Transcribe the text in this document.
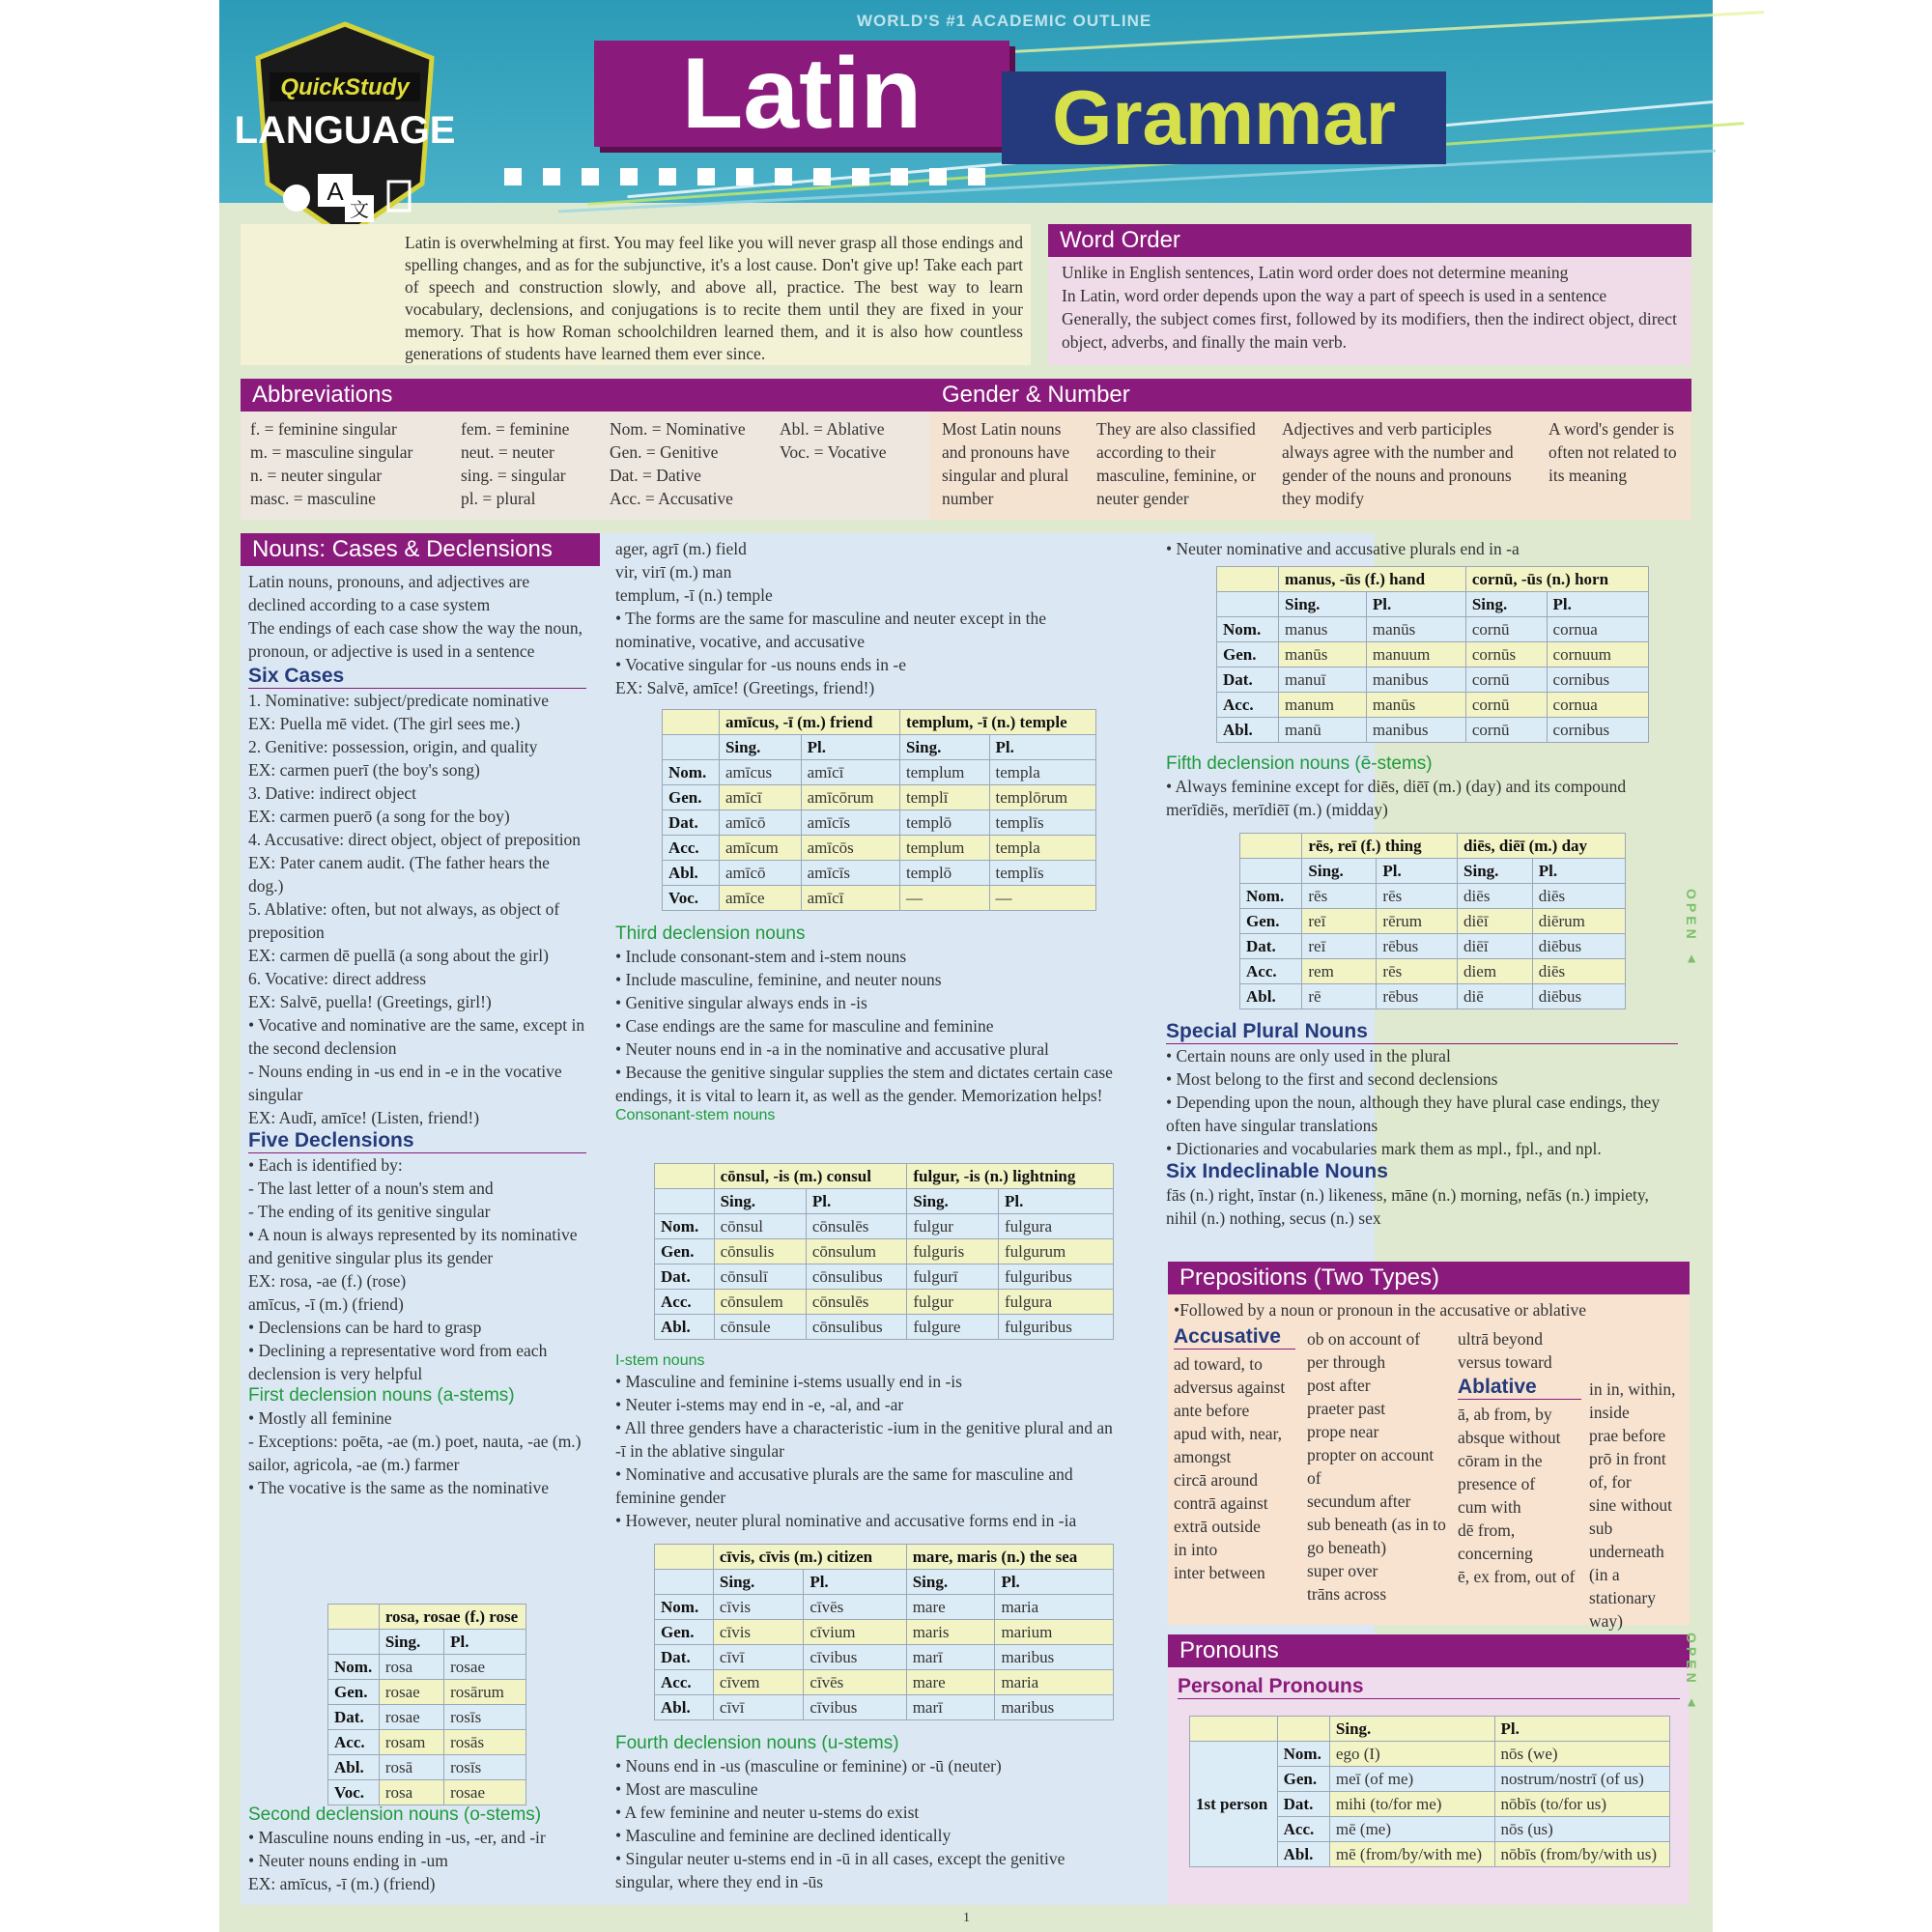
WORLD'S #1 ACADEMIC OUTLINE
Latin	Grammar
QuickStudy
LANGUAGE
A
文
Latin is overwhelming at first. You may feel like you will never grasp all those endings and spelling changes, and as for the subjunctive, it's a lost cause. Don't give up! Take each part of speech and construction slowly, and above all, practice. The best way to learn vocabulary, declensions, and conjugations is to recite them until they are fixed in your memory. That is how Roman schoolchildren learned them, and it is also how countless generations of students have learned them ever since.
Word Order
Unlike in English sentences, Latin word order does not determine meaning
In Latin, word order depends upon the way a part of speech is used in a sentence
Generally, the subject comes first, followed by its modifiers, then the indirect object, direct object, adverbs, and finally the main verb.
Abbreviations
f. = feminine singular
m. = masculine singular
n. = neuter singular
masc. = masculine
fem. = feminine
neut. = neuter
sing. = singular
pl. = plural
Nom. = Nominative
Gen. = Genitive
Dat. = Dative
Acc. = Accusative
Abl. = Ablative
Voc. = Vocative
Gender & Number
Most Latin nouns and pronouns have singular and plural number
They are also classified according to their masculine, feminine, or neuter gender
Adjectives and verb participles always agree with the number and gender of the nouns and pronouns they modify
A word's gender is often not related to its meaning
Nouns: Cases & Declensions
Latin nouns, pronouns, and adjectives are declined according to a case system
The endings of each case show the way the noun, pronoun, or adjective is used in a sentence
Six Cases
1. Nominative: subject/predicate nominative
EX: Puella mē videt. (The girl sees me.)
2. Genitive: possession, origin, and quality
EX: carmen puerī (the boy's song)
3. Dative: indirect object
EX: carmen puerō (a song for the boy)
4. Accusative: direct object, object of preposition
EX: Pater canem audit. (The father hears the dog.)
5. Ablative: often, but not always, as object of preposition
EX: carmen dē puellā (a song about the girl)
6. Vocative: direct address
EX: Salvē, puella! (Greetings, girl!)
• Vocative and nominative are the same, except in the second declension
- Nouns ending in -us end in -e in the vocative singular
EX: Audī, amīce! (Listen, friend!)
Five Declensions
• Each is identified by:
- The last letter of a noun's stem and
- The ending of its genitive singular
• A noun is always represented by its nominative and genitive singular plus its gender
EX: rosa, -ae (f.) (rose)
amīcus, -ī (m.) (friend)
• Declensions can be hard to grasp
• Declining a representative word from each declension is very helpful
First declension nouns (a-stems)
• Mostly all feminine
- Exceptions: poēta, -ae (m.) poet, nauta, -ae (m.) sailor, agricola, -ae (m.) farmer
• The vocative is the same as the nominative
	rosa, rosae (f.) rose	
	Sing.	Pl.
Nom.	rosa	rosae
Gen.	rosae	rosārum
Dat.	rosae	rosīs
Acc.	rosam	rosās
Abl.	rosā	rosīs
Voc.	rosa	rosae
Second declension nouns (o-stems)
• Masculine nouns ending in -us, -er, and -ir
• Neuter nouns ending in -um
EX: amīcus, -ī (m.) (friend)
ager, agrī (m.) field
vir, virī (m.) man
templum, -ī (n.) temple
• The forms are the same for masculine and neuter except in the nominative, vocative, and accusative
• Vocative singular for -us nouns ends in -e
EX: Salvē, amīce! (Greetings, friend!)
	amīcus, -ī (m.) friend		templum, -ī (n.) temple	
	Sing.	Pl.	Sing.	Pl.
Nom.	amīcus	amīcī	templum	templa
Gen.	amīcī	amīcōrum	templī	templōrum
Dat.	amīcō	amīcīs	templō	templīs
Acc.	amīcum	amīcōs	templum	templa
Abl.	amīcō	amīcīs	templō	templīs
Voc.	amīce	amīcī	—	—
Third declension nouns
• Include consonant-stem and i-stem nouns
• Include masculine, feminine, and neuter nouns
• Genitive singular always ends in -is
• Case endings are the same for masculine and feminine
• Neuter nouns end in -a in the nominative and accusative plural
• Because the genitive singular supplies the stem and dictates certain case endings, it is vital to learn it, as well as the gender. Memorization helps!
Consonant-stem nouns
	cōnsul, -is (m.) consul		fulgur, -is (n.) lightning	
	Sing.	Pl.	Sing.	Pl.
Nom.	cōnsul	cōnsulēs	fulgur	fulgura
Gen.	cōnsulis	cōnsulum	fulguris	fulgurum
Dat.	cōnsulī	cōnsulibus	fulgurī	fulguribus
Acc.	cōnsulem	cōnsulēs	fulgur	fulgura
Abl.	cōnsule	cōnsulibus	fulgure	fulguribus
I-stem nouns
• Masculine and feminine i-stems usually end in -is
• Neuter i-stems may end in -e, -al, and -ar
• All three genders have a characteristic -ium in the genitive plural and an -ī in the ablative singular
• Nominative and accusative plurals are the same for masculine and feminine gender
• However, neuter plural nominative and accusative forms end in -ia
	cīvis, cīvis (m.) citizen		mare, maris (n.) the sea	
	Sing.	Pl.	Sing.	Pl.
Nom.	cīvis	cīvēs	mare	maria
Gen.	cīvis	cīvium	maris	marium
Dat.	cīvī	cīvibus	marī	maribus
Acc.	cīvem	cīvēs	mare	maria
Abl.	cīvī	cīvibus	marī	maribus
Fourth declension nouns (u-stems)
• Nouns end in -us (masculine or feminine) or -ū (neuter)
• Most are masculine
• A few feminine and neuter u-stems do exist
• Masculine and feminine are declined identically
• Singular neuter u-stems end in -ū in all cases, except the genitive singular, where they end in -ūs
• Neuter nominative and accusative plurals end in -a
	manus, -ūs (f.) hand		cornū, -ūs (n.) horn	
	Sing.	Pl.	Sing.	Pl.
Nom.	manus	manūs	cornū	cornua
Gen.	manūs	manuum	cornūs	cornuum
Dat.	manuī	manibus	cornū	cornibus
Acc.	manum	manūs	cornū	cornua
Abl.	manū	manibus	cornū	cornibus
Fifth declension nouns (ē-stems)
• Always feminine except for diēs, diēī (m.) (day) and its compound merīdiēs, merīdiēī (m.) (midday)
	rēs, reī (f.) thing		diēs, diēī (m.) day	
	Sing.	Pl.	Sing.	Pl.
Nom.	rēs	rēs	diēs	diēs
Gen.	reī	rērum	diēī	diērum
Dat.	reī	rēbus	diēī	diēbus
Acc.	rem	rēs	diem	diēs
Abl.	rē	rēbus	diē	diēbus
Special Plural Nouns
• Certain nouns are only used in the plural
• Most belong to the first and second declensions
• Depending upon the noun, although they have plural case endings, they often have singular translations
• Dictionaries and vocabularies mark them as mpl., fpl., and npl.
Six Indeclinable Nouns
fās (n.) right, īnstar (n.) likeness, māne (n.) morning, nefās (n.) impiety, nihil (n.) nothing, secus (n.) sex
Prepositions (Two Types)
•Followed by a noun or pronoun in the accusative or ablative
Accusative
ad toward, to
adversus against
ante before
apud with, near, amongst
circā around
contrā against
extrā outside
in into
inter between
ob on account of
per through
post after
praeter past
prope near
propter on account of
secundum after
sub beneath (as in to go beneath)
super over
trāns across
ultrā beyond
versus toward
Ablative
ā, ab from, by
absque without
cōram in the presence of
cum with
dē from, concerning
ē, ex from, out of
in in, within, inside
prae before
prō in front of, for
sine without
sub underneath (in a stationary way)
Pronouns
Personal Pronouns
		Sing.	Pl.
1st person	Nom.	ego (I)	nōs (we)
	Gen.	meī (of me)	nostrum/nostrī (of us)
	Dat.	mihi (to/for me)	nōbīs (to/for us)
	Acc.	mē (me)	nōs (us)
	Abl.	mē (from/by/with me)	nōbīs (from/by/with us)
OPEN ▲
OPEN ▲
1
